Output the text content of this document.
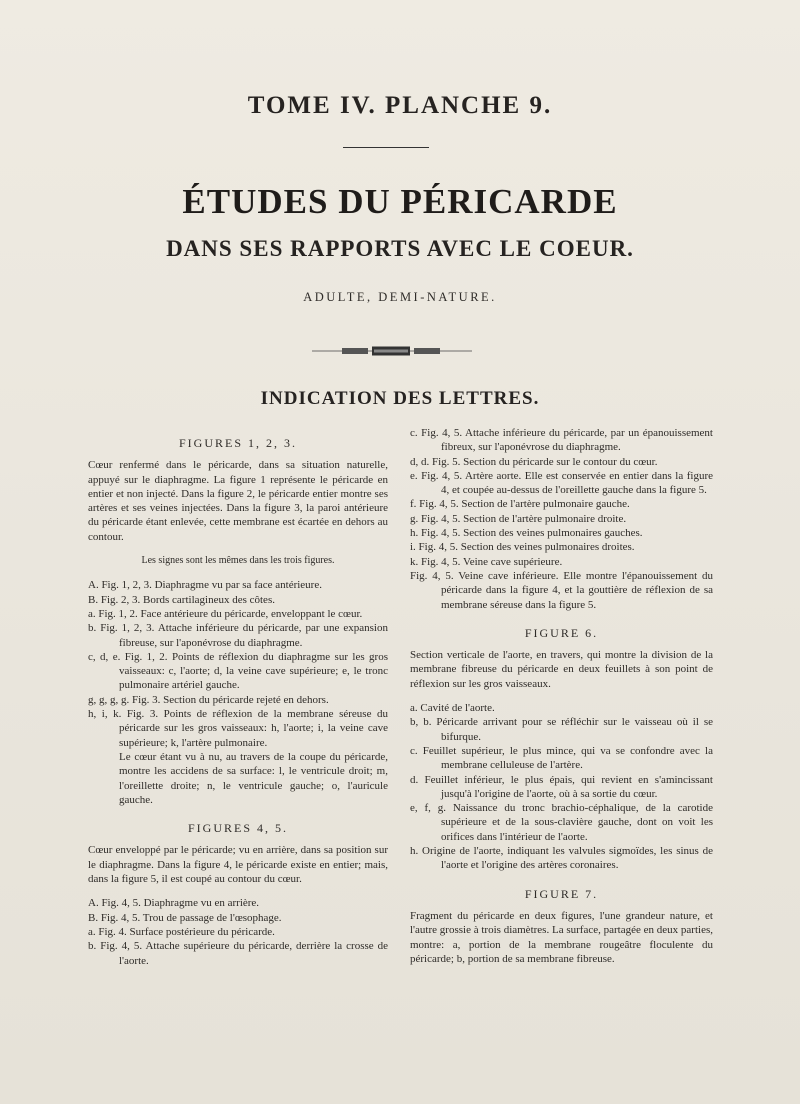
TOME IV. PLANCHE 9.
ÉTUDES DU PÉRICARDE
DANS SES RAPPORTS AVEC LE COEUR.
ADULTE, DEMI-NATURE.
INDICATION DES LETTRES.
FIGURES 1, 2, 3.

Cœur renfermé dans le péricarde, dans sa situation naturelle, appuyé sur le diaphragme. La figure 1 représente le péricarde en entier et non injecté. Dans la figure 2, le péricarde entier montre ses artères et ses veines injectées. Dans la figure 3, la paroi antérieure du péricarde étant enlevée, cette membrane est écartée en dehors au contour.

Les signes sont les mêmes dans les trois figures.

A. Fig. 1, 2, 3. Diaphragme vu par sa face antérieure.
B. Fig. 2, 3. Bords cartilagineux des côtes.
a. Fig. 1, 2. Face antérieure du péricarde, enveloppant le cœur.
b. Fig. 1, 2, 3. Attache inférieure du péricarde, par une expansion fibreuse, sur l'aponévrose du diaphragme.
c, d, e. Fig. 1, 2. Points de réflexion du diaphragme sur les gros vaisseaux: c, l'aorte; d, la veine cave supérieure; e, le tronc pulmonaire artériel gauche.
g, g, g, g. Fig. 3. Section du péricarde rejeté en dehors.
h, i, k. Fig. 3. Points de réflexion de la membrane séreuse du péricarde sur les gros vaisseaux: h, l'aorte; i, la veine cave supérieure; k, l'artère pulmonaire.
Le cœur étant vu à nu, au travers de la coupe du péricarde, montre les accidens de sa surface: l, le ventricule droit; m, l'oreillette droite; n, le ventricule gauche; o, l'auricule gauche.
FIGURES 4, 5.

Cœur enveloppé par le péricarde; vu en arrière, dans sa position sur le diaphragme. Dans la figure 4, le péricarde existe en entier; mais, dans la figure 5, il est coupé au contour du cœur.

A. Fig. 4, 5. Diaphragme vu en arrière.
B. Fig. 4, 5. Trou de passage de l'œsophage.
a. Fig. 4. Surface postérieure du péricarde.
b. Fig. 4, 5. Attache supérieure du péricarde, derrière la crosse de l'aorte.
c. Fig. 4, 5. Attache inférieure du péricarde, par un épanouissement fibreux, sur l'aponévrose du diaphragme.
d, d. Fig. 5. Section du péricarde sur le contour du cœur.
e. Fig. 4, 5. Artère aorte. Elle est conservée en entier dans la figure 4, et coupée au-dessus de l'oreillette gauche dans la figure 5.
f. Fig. 4, 5. Section de l'artère pulmonaire gauche.
g. Fig. 4, 5. Section de l'artère pulmonaire droite.
h. Fig. 4, 5. Section des veines pulmonaires gauches.
i. Fig. 4, 5. Section des veines pulmonaires droites.
k. Fig. 4, 5. Veine cave supérieure.
Fig. 4, 5. Veine cave inférieure. Elle montre l'épanouissement du péricarde dans la figure 4, et la gouttière de réflexion de sa membrane séreuse dans la figure 5.
FIGURE 6.

Section verticale de l'aorte, en travers, qui montre la division de la membrane fibreuse du péricarde en deux feuillets à son point de réflexion sur les gros vaisseaux.

a. Cavité de l'aorte.
b, b. Péricarde arrivant pour se réfléchir sur le vaisseau où il se bifurque.
c. Feuillet supérieur, le plus mince, qui va se confondre avec la membrane celluleuse de l'artère.
d. Feuillet inférieur, le plus épais, qui revient en s'amincissant jusqu'à l'origine de l'aorte, où à sa sortie du cœur.
e, f, g. Naissance du tronc brachio-céphalique, de la carotide supérieure et de la sous-clavière gauche, dont on voit les orifices dans l'intérieur de l'aorte.
h. Origine de l'aorte, indiquant les valvules sigmoïdes, les sinus de l'aorte et l'origine des artères coronaires.
FIGURE 7.

Fragment du péricarde en deux figures, l'une grandeur nature, et l'autre grossie à trois diamètres. La surface, partagée en deux parties, montre: a, portion de la membrane rougeâtre floculente du péricarde; b, portion de sa membrane fibreuse.
